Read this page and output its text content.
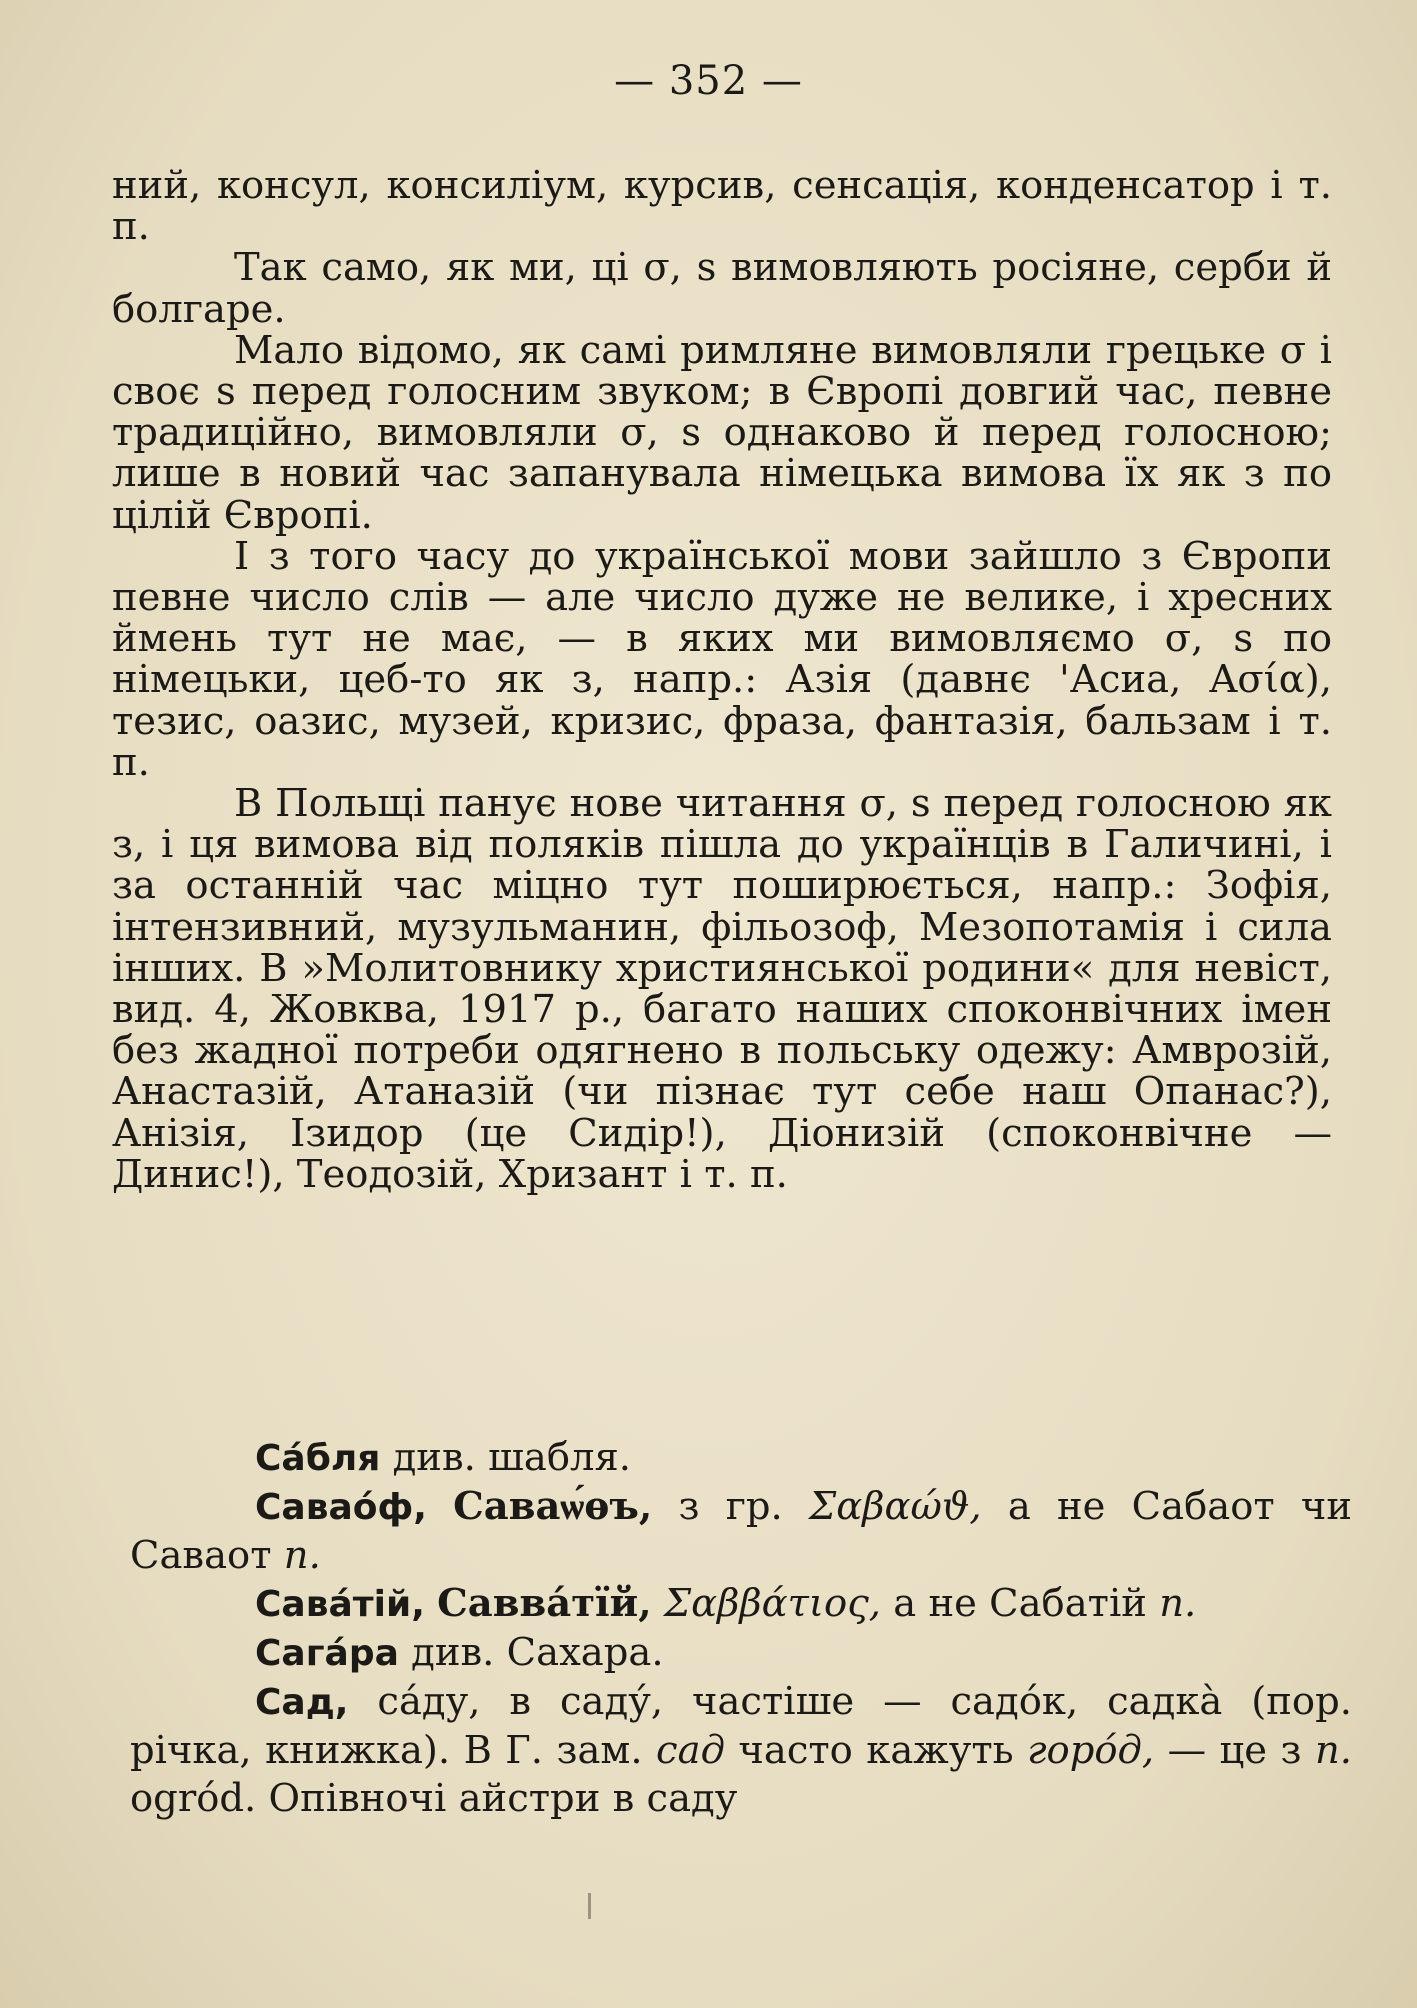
— 352 —

ний, консул, консиліум, курсив, сенсація, конденсатор і т. п.

Так само, як ми, ці σ, s вимовляють росіяне, серби й болгаре.

Мало відомо, як самі римляне вимовляли грецьке σ і своє s перед голосним звуком; в Європі довгий час, певне традиційно, вимовляли σ, s однаково й перед голосною; лише в новий час запанувала німецька вимова їх як з по цілій Європі.

І з того часу до української мови зайшло з Європи певне число слів — але число дуже не велике, і хресних ймень тут не має, — в яких ми вимовляємо σ, s по німецьки, цеб-то як з, напр.: Азія (давнє 'Асиа, Ασία), тезис, оазис, музей, кризис, фраза, фантазія, бальзам і т. п.

В Польщі панує нове читання σ, s перед голосною як з, і ця вимова від поляків пішла до українців в Галичині, і за останній час міцно тут поширюється, напр.: Зофія, інтензивний, музульманин, фільозоф, Мезопотамія і сила інших. В »Молитовнику християнської родини« для невіст, вид. 4, Жовква, 1917 р., багато наших споконвічних імен без жадної потреби одягнено в польську одежу: Амврозій, Анастазій, Атаназій (чи пізнає тут себе наш Опанас?), Анізія, Ізидор (це Сидір!), Діонизій (споконвічне — Динис!), Теодозій, Хризант і т. п.

Са́бля див. шабля.

Савао́ф, Саваѡ́ѳъ, з гр. Σαβαώϑ, а не Сабаот чи Саваот п.

Сава́тій, Савва́тїй, Σαββάτιος, а не Сабатій п.

Сага́ра див. Сахара.

Сад, са́ду, в саду́, частіше — садо́к, садка̀ (пор. річка, книжка). В Г. зам. сад часто кажуть горо́д, — це з п. ogród. Опівночі айстри в саду
